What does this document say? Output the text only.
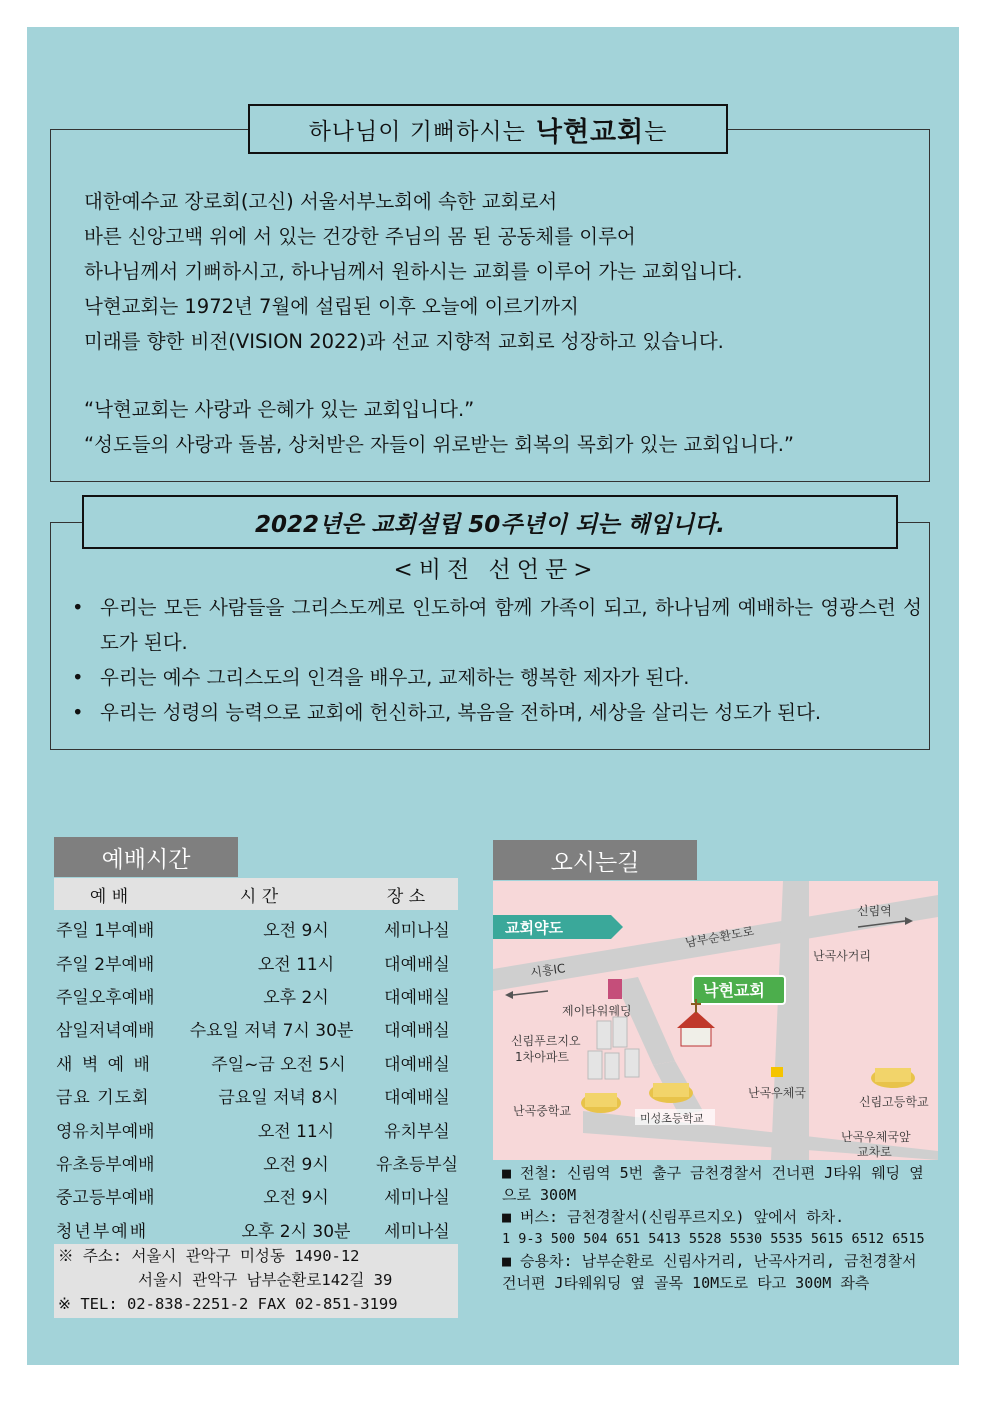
하나님이 기뻐하시는 낙현교회 는

대한예수교 장로회(고신) 서울서부노회에 속한 교회로서

바른 신앙고백 위에 서 있는 건강한 주님의 몸 된 공동체를 이루어

하나님께서 기뻐하시고, 하나님께서 원하시는 교회를 이루어 가는 교회입니다.

낙현교회는 1972년 7월에 설립된 이후 오늘에 이르기까지

미래를 향한 비전(VISION 2022)과 선교 지향적 교회로 성장하고 있습니다.

“낙현교회는 사랑과 은혜가 있는 교회입니다.”

“성도들의 사랑과 돌봄, 상처받은 자들이 위로받는 회복의 목회가 있는 교회입니다.”

2022년은 교회설립 50주년이 되는 해입니다.
<비전 선언문>
• 우리는 모든 사람들을 그리스도께로 인도하여 함께 가족이 되고, 하나님께 예배하는 영광스런 성도가 된다.
• 우리는 예수 그리스도의 인격을 배우고, 교제하는 행복한 제자가 된다.
• 우리는 성령의 능력으로 교회에 헌신하고, 복음을 전하며, 세상을 살리는 성도가 된다.
예배시간
예 배	시 간	장 소
주일 1부예배	오전 9시	세미나실
주일 2부예배	오전 11시	대예배실
주일오후예배	오후 2시	대예배실
삼일저녁예배	수요일 저녁 7시 30분	대예배실
새 벽 예 배	주일~금 오전 5시	대예배실
금요 기도회	금요일 저녁 8시	대예배실
영유치부예배	오전 11시	유치부실
유초등부예배	오전 9시	유초등부실
중고등부예배	오전 9시	세미나실
청년부예배	오후 2시 30분	세미나실
※ 주소: 서울시 관악구 미성동 1490-12
서울시 관악구 남부순환로142길 39
※ TEL: 02-838-2251-2 FAX 02-851-3199
오시는길
교회약도
낙현교회
신림역
남부순환도로
난곡사거리
시흥IC
제이타워웨딩
신림푸르지오
1차아파트
난곡중학교
미성초등학교
난곡우체국
신림고등학교
난곡우체국앞
교차로

■ 전철: 신림역 5번 출구 금천경찰서 건너편 J타워 웨딩 옆으로 300M

■ 버스: 금천경찰서(신림푸르지오) 앞에서 하차.

1 9-3 500 504 651 5413 5528 5530 5535 5615 6512 6515

■ 승용차: 남부순환로 신림사거리, 난곡사거리, 금천경찰서 건너편 J타웨워딩 옆 골목 10M도로 타고 300M 좌측
